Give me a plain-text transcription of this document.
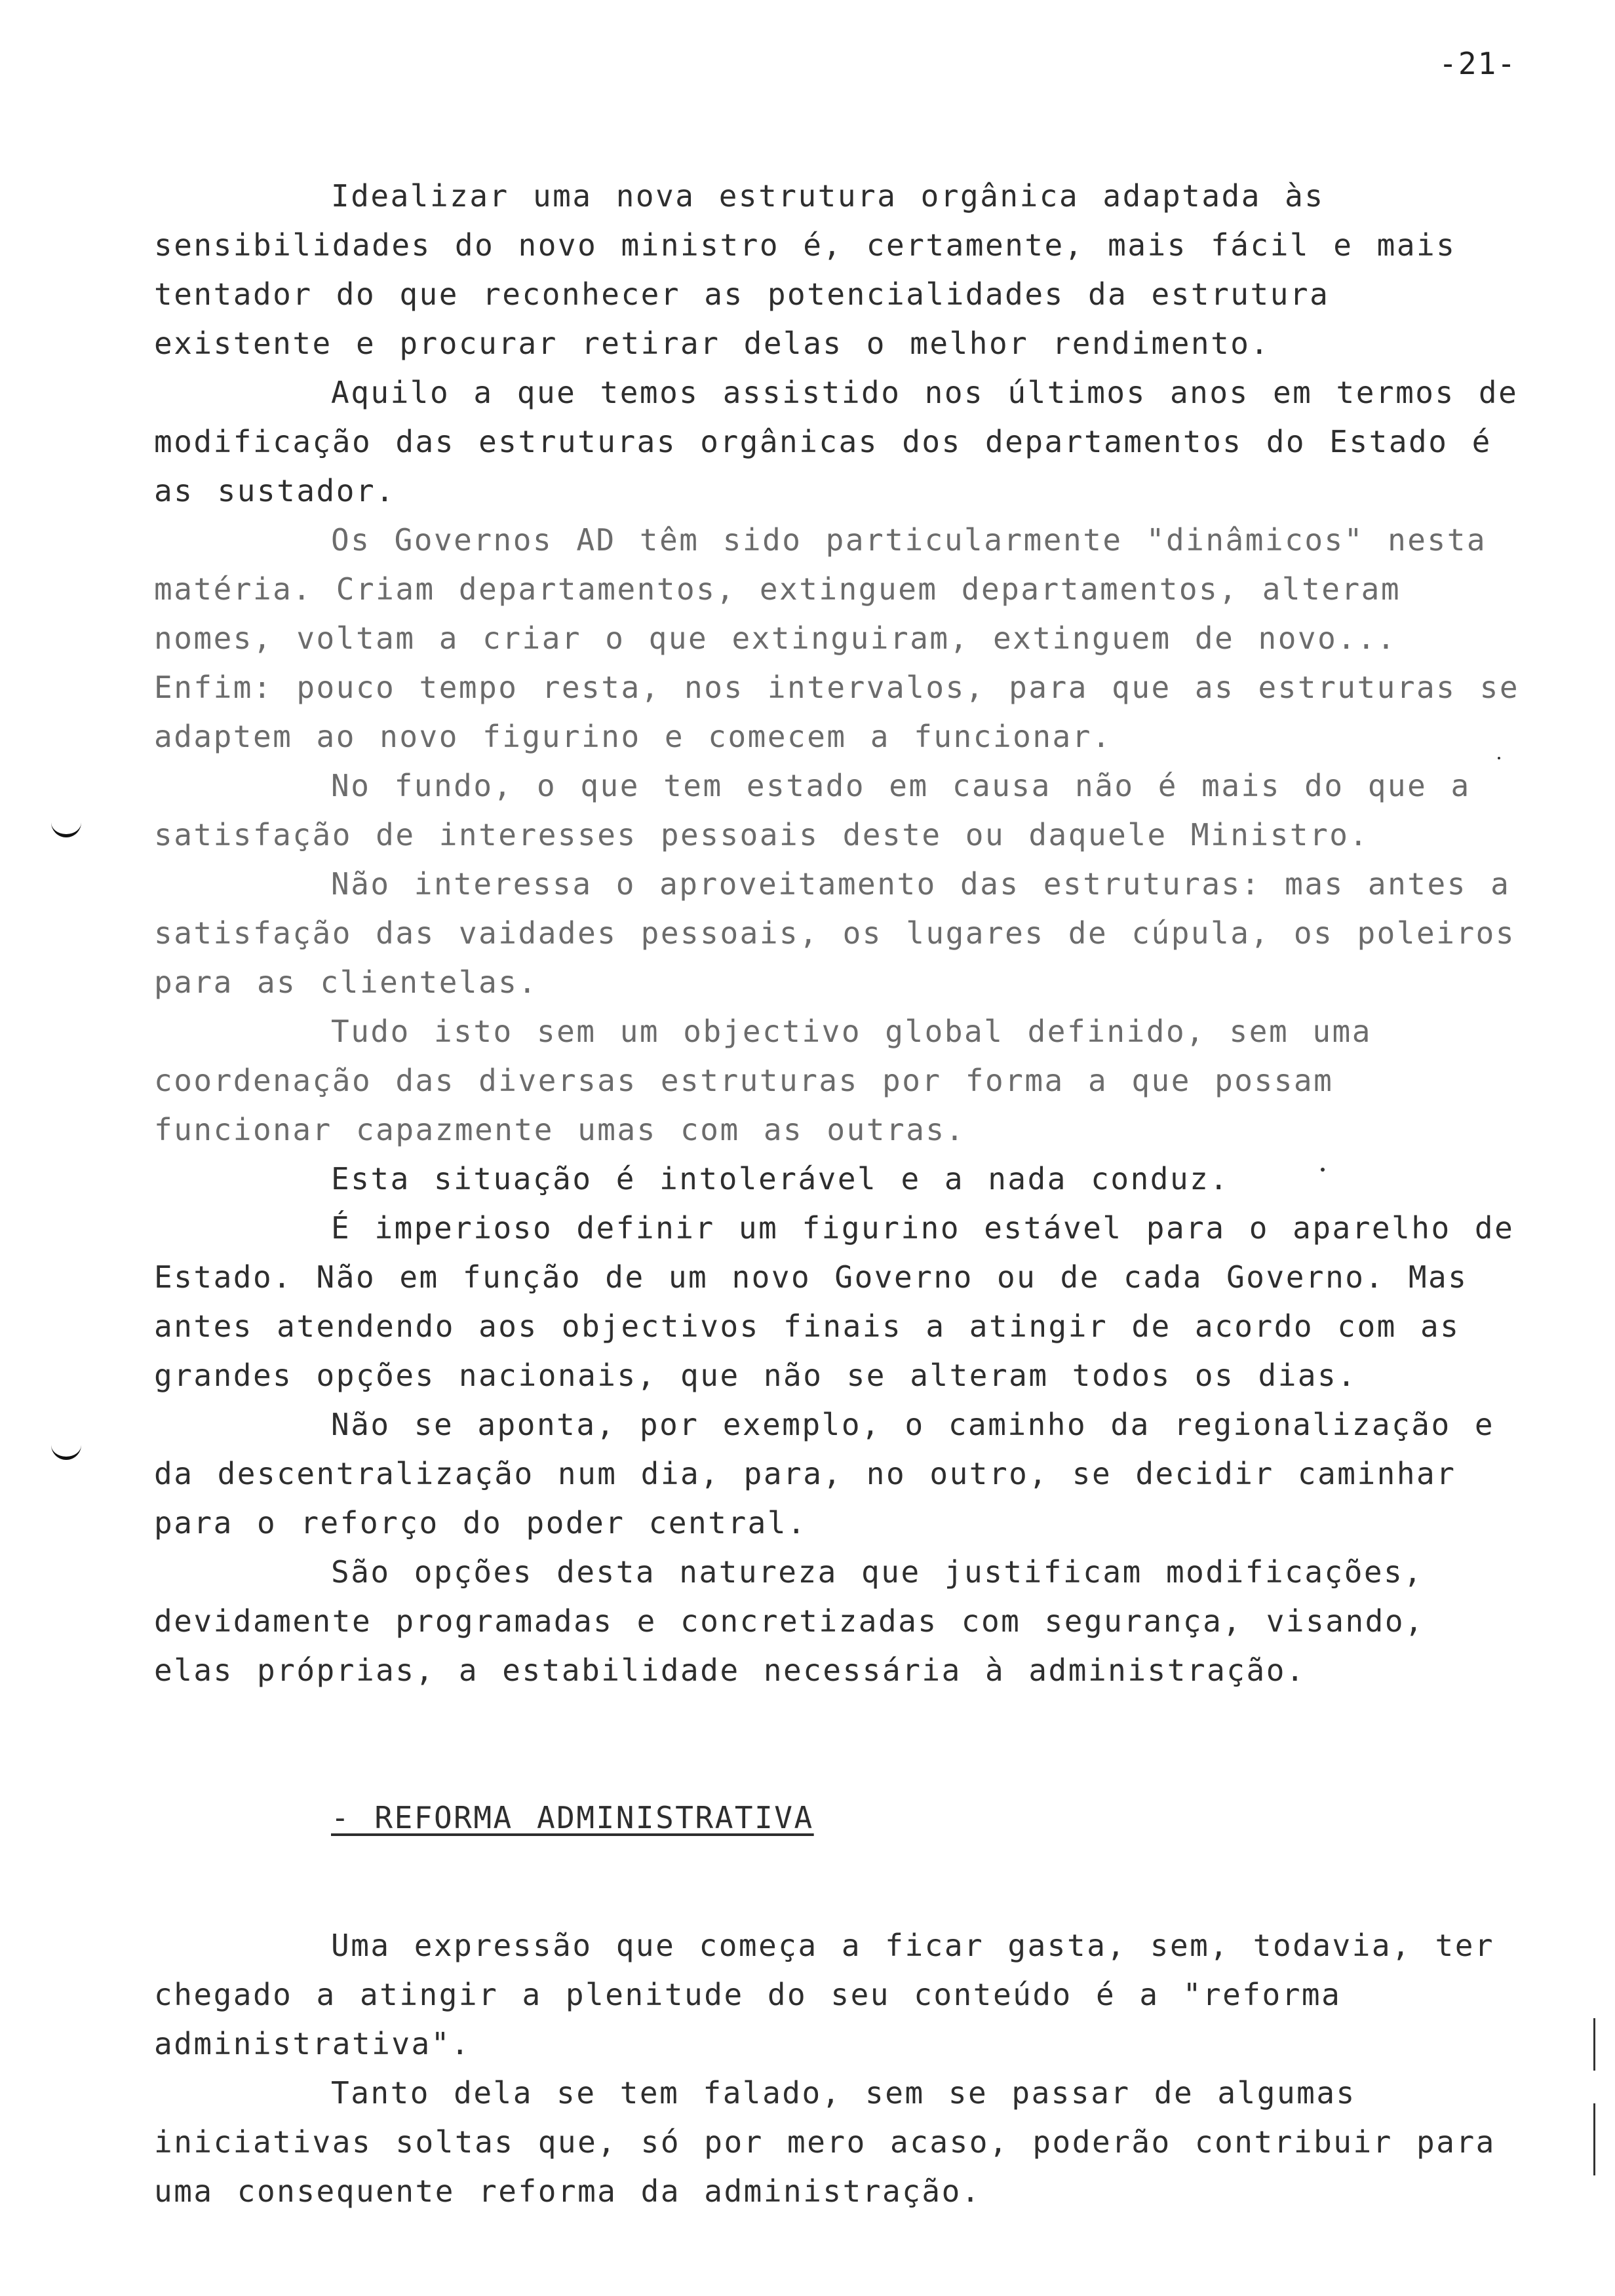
-21-

Idealizar uma nova estrutura orgânica adaptada às sensibilidades do novo ministro é, certamente, mais fácil e mais tentador do que reconhecer as potencialidades da estrutura existente e procurar retirar delas o melhor rendimento.

Aquilo a que temos assistido nos últimos anos em termos de modificação das estruturas orgânicas dos departamentos do Estado é as sustador.

Os Governos AD têm sido particularmente "dinâmicos" nesta matéria. Criam departamentos, extinguem departamentos, alteram nomes, voltam a criar o que extinguiram, extinguem de novo... Enfim: pouco tempo resta, nos intervalos, para que as estruturas se adaptem ao novo figurino e comecem a funcionar.

No fundo, o que tem estado em causa não é mais do que a satisfação de interesses pessoais deste ou daquele Ministro.

Não interessa o aproveitamento das estruturas: mas antes a satisfação das vaidades pessoais, os lugares de cúpula, os poleiros para as clientelas.

Tudo isto sem um objectivo global definido, sem uma coordenação das diversas estruturas por forma a que possam funcionar capazmente umas com as outras.

Esta situação é intolerável e a nada conduz.

É imperioso definir um figurino estável para o aparelho de Estado. Não em função de um novo Governo ou de cada Governo. Mas antes atendendo aos objectivos finais a atingir de acordo com as grandes opções nacionais, que não se alteram todos os dias.

Não se aponta, por exemplo, o caminho da regionalização e da descentralização num dia, para, no outro, se decidir caminhar para o reforço do poder central.

São opções desta natureza que justificam modificações, devidamente programadas e concretizadas com segurança, visando, elas próprias, a estabilidade necessária à administração.

- REFORMA ADMINISTRATIVA

Uma expressão que começa a ficar gasta, sem, todavia, ter chegado a atingir a plenitude do seu conteúdo é a "reforma administrativa".

Tanto dela se tem falado, sem se passar de algumas iniciativas soltas que, só por mero acaso, poderão contribuir para uma consequente reforma da administração.
